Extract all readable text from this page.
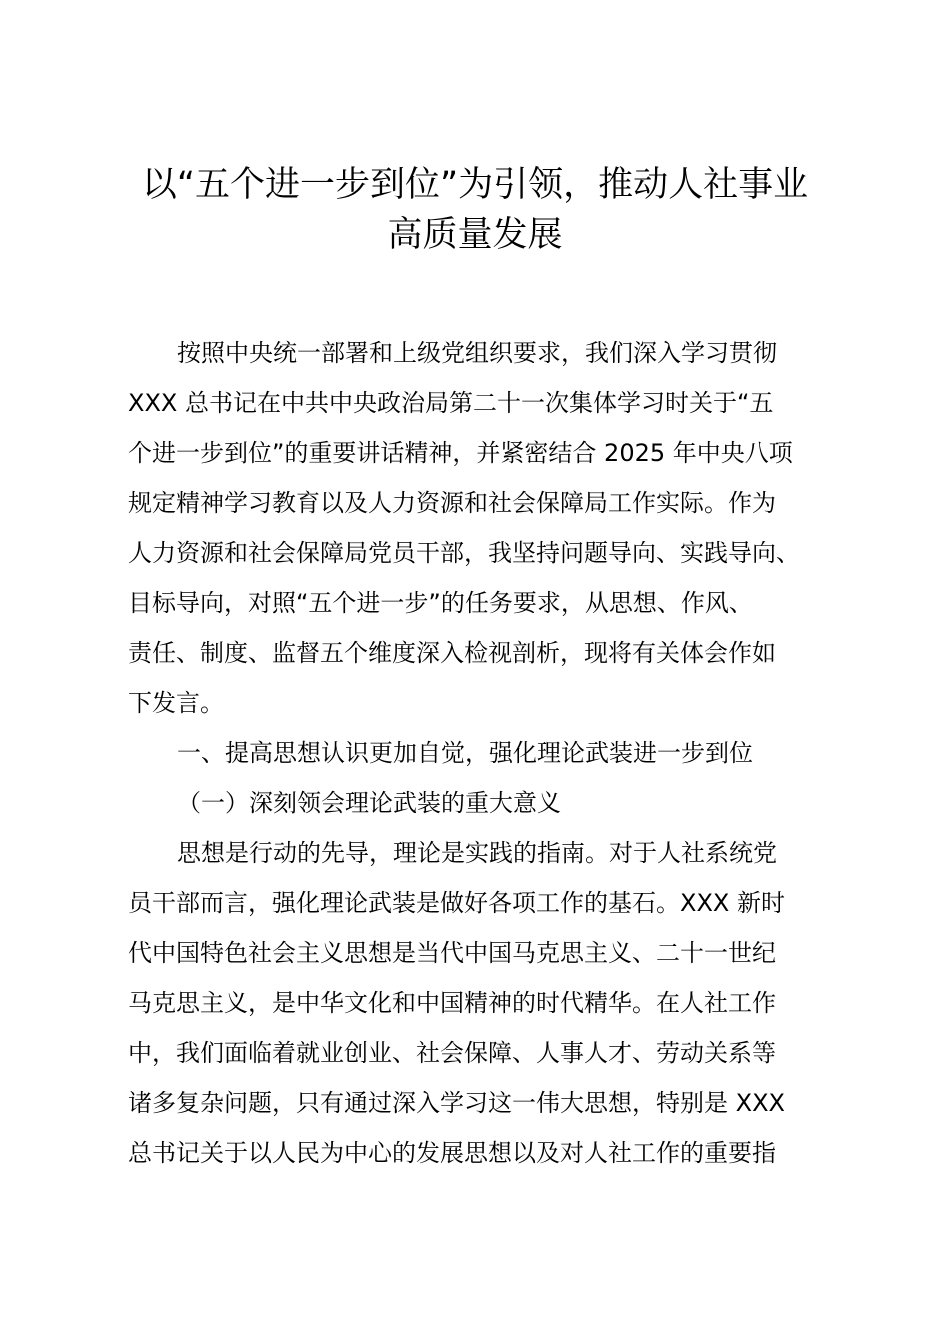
以“五个进一步到位”为引领，推动人社事业
高质量发展
按照中央统一部署和上级党组织要求，我们深入学习贯彻
XXX 总书记在中共中央政治局第二十一次集体学习时关于“五
个进一步到位”的重要讲话精神，并紧密结合 2025 年中央八项
规定精神学习教育以及人力资源和社会保障局工作实际。作为
人力资源和社会保障局党员干部，我坚持问题导向、实践导向、
目标导向，对照“五个进一步”的任务要求，从思想、作风、
责任、制度、监督五个维度深入检视剖析，现将有关体会作如
下发言。
一、提高思想认识更加自觉，强化理论武装进一步到位
（一）深刻领会理论武装的重大意义
思想是行动的先导，理论是实践的指南。对于人社系统党
员干部而言，强化理论武装是做好各项工作的基石。XXX 新时
代中国特色社会主义思想是当代中国马克思主义、二十一世纪
马克思主义，是中华文化和中国精神的时代精华。在人社工作
中，我们面临着就业创业、社会保障、人事人才、劳动关系等
诸多复杂问题，只有通过深入学习这一伟大思想，特别是 XXX
总书记关于以人民为中心的发展思想以及对人社工作的重要指
